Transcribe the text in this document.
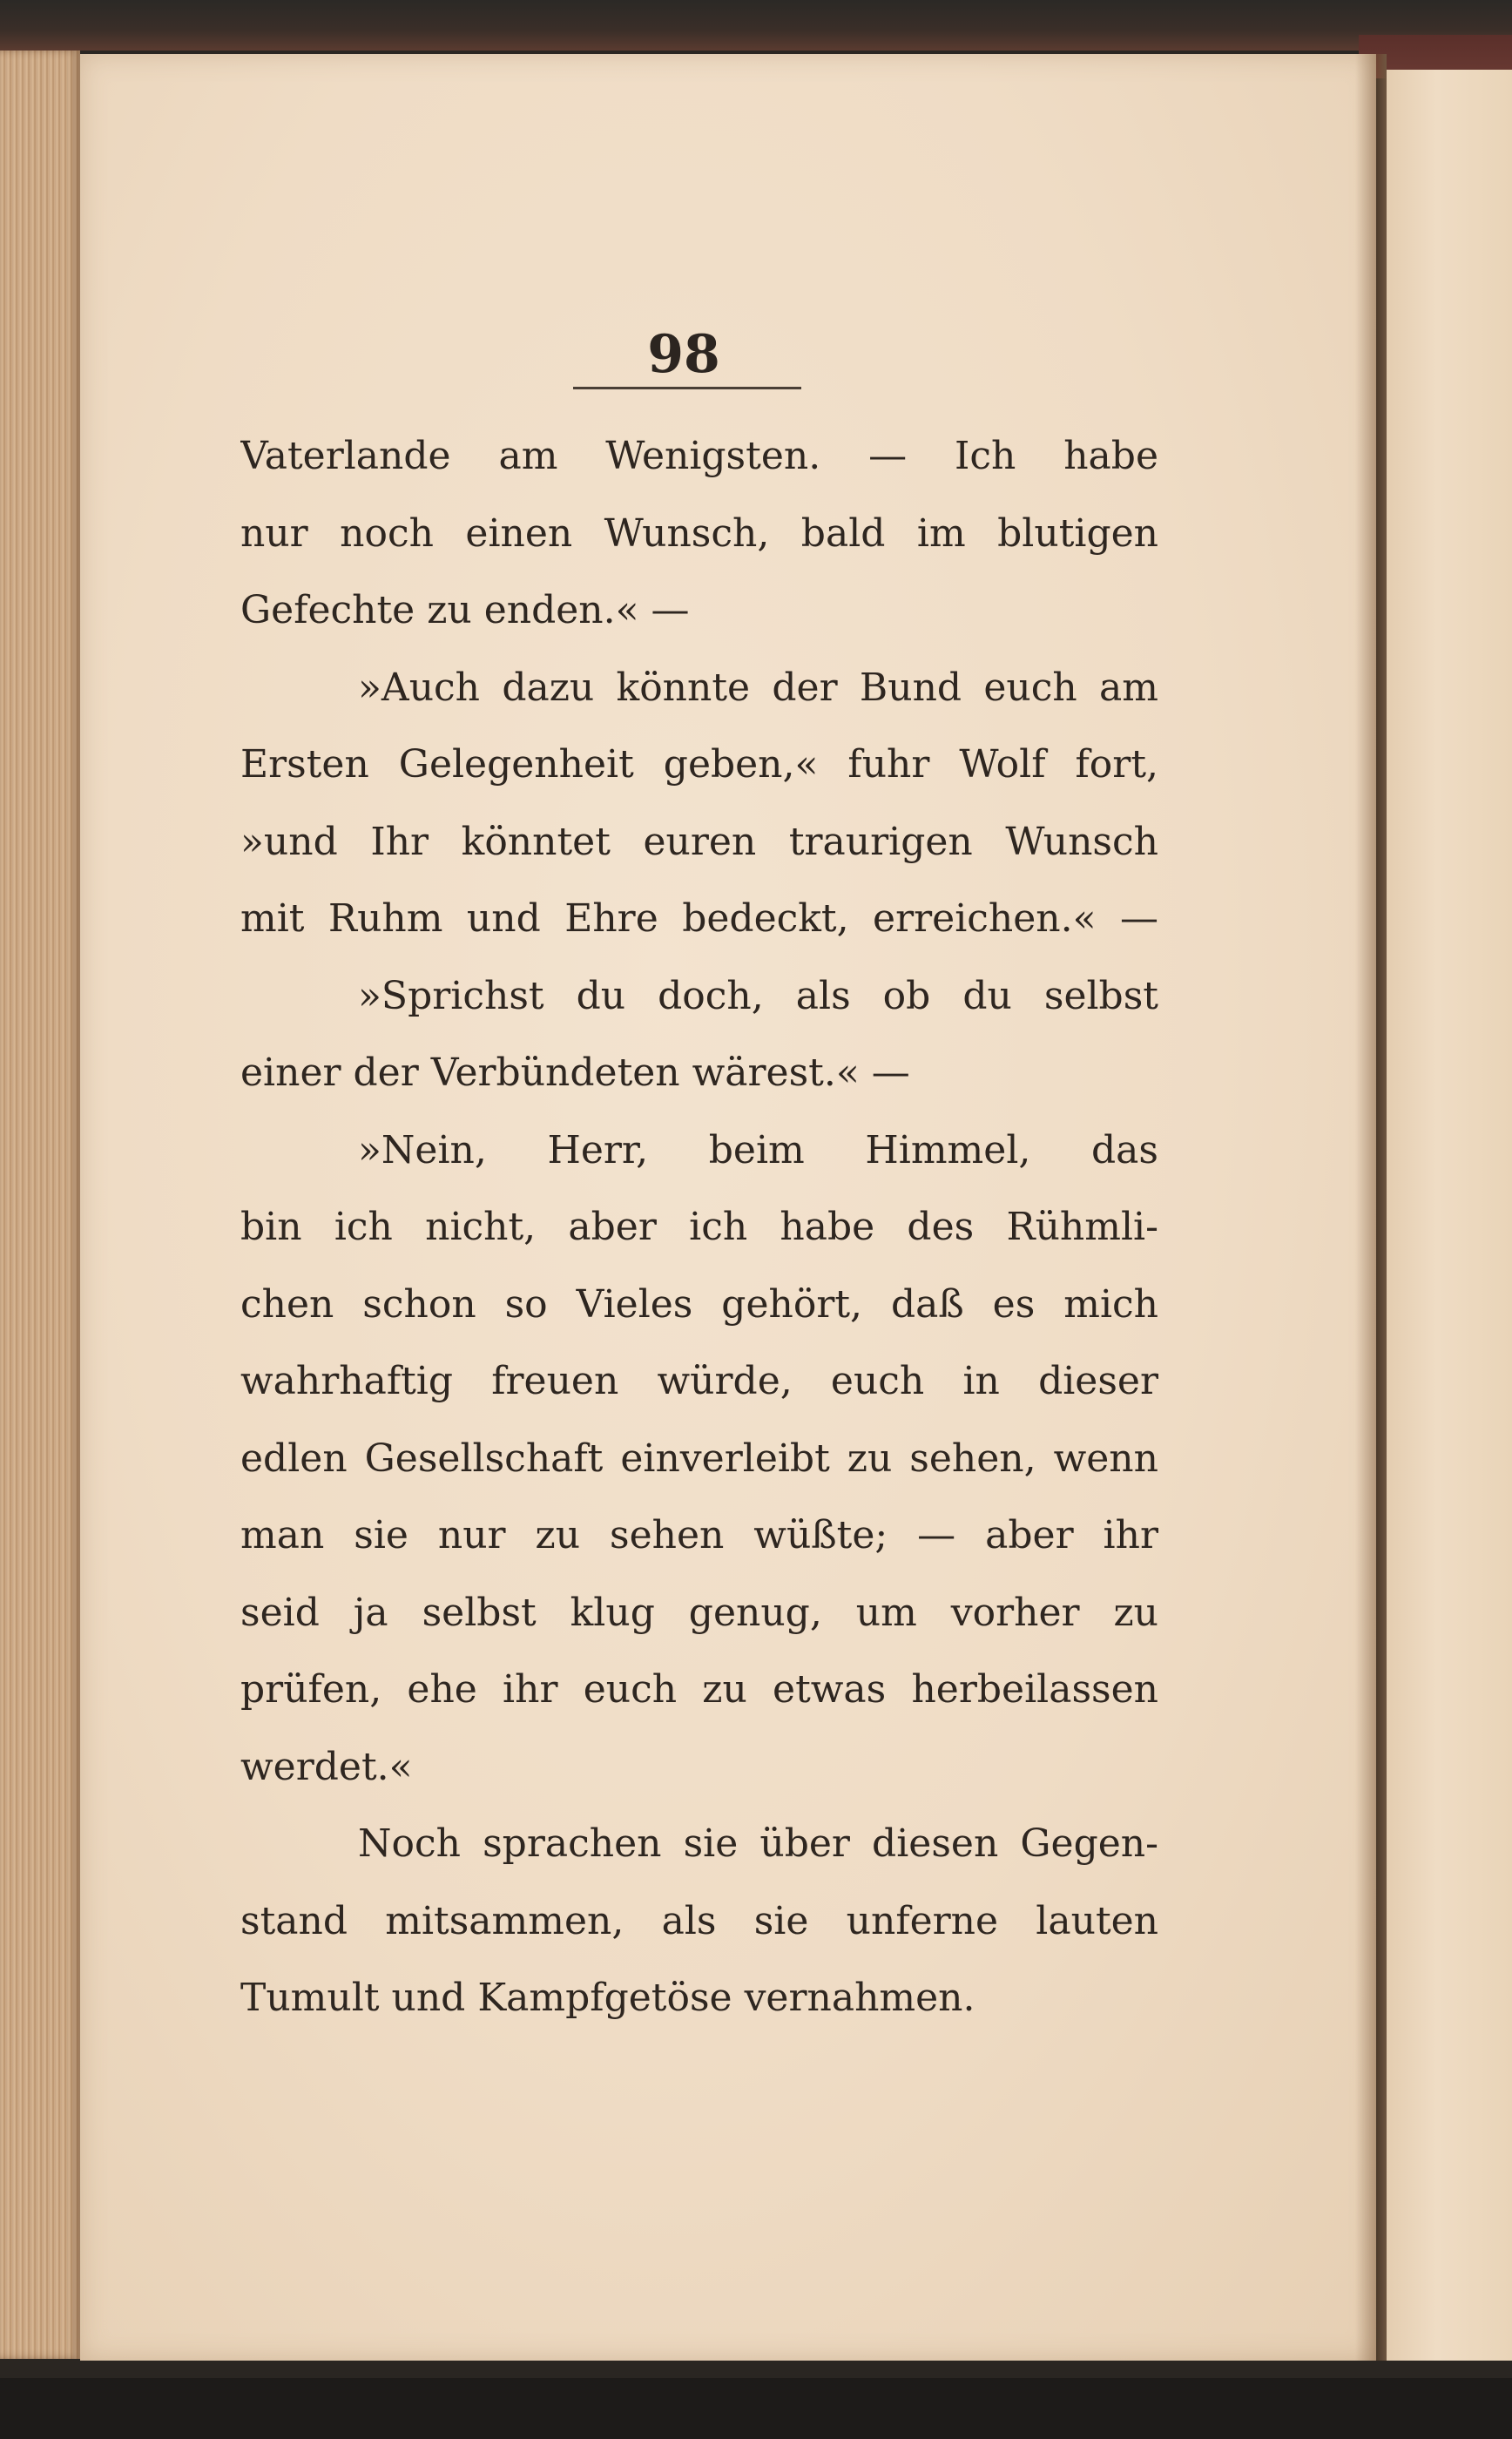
98
Vaterlande am Wenigsten. — Ich habe
nur noch einen Wunsch, bald im blutigen
Gefechte zu enden.« —
»Auch dazu könnte der Bund euch am
Ersten Gelegenheit geben,« fuhr Wolf fort,
»und Ihr könntet euren traurigen Wunsch
mit Ruhm und Ehre bedeckt, erreichen.« —
»Sprichst du doch, als ob du selbst
einer der Verbündeten wärest.« —
»Nein, Herr, beim Himmel, das
bin ich nicht, aber ich habe des Rühmli-
chen schon so Vieles gehört, daß es mich
wahrhaftig freuen würde, euch in dieser
edlen Gesellschaft einverleibt zu sehen, wenn
man sie nur zu sehen wüßte; — aber ihr
seid ja selbst klug genug, um vorher zu
prüfen, ehe ihr euch zu etwas herbeilassen
werdet.«
Noch sprachen sie über diesen Gegen-
stand mitsammen, als sie unferne lauten
Tumult und Kampfgetöse vernahmen.
